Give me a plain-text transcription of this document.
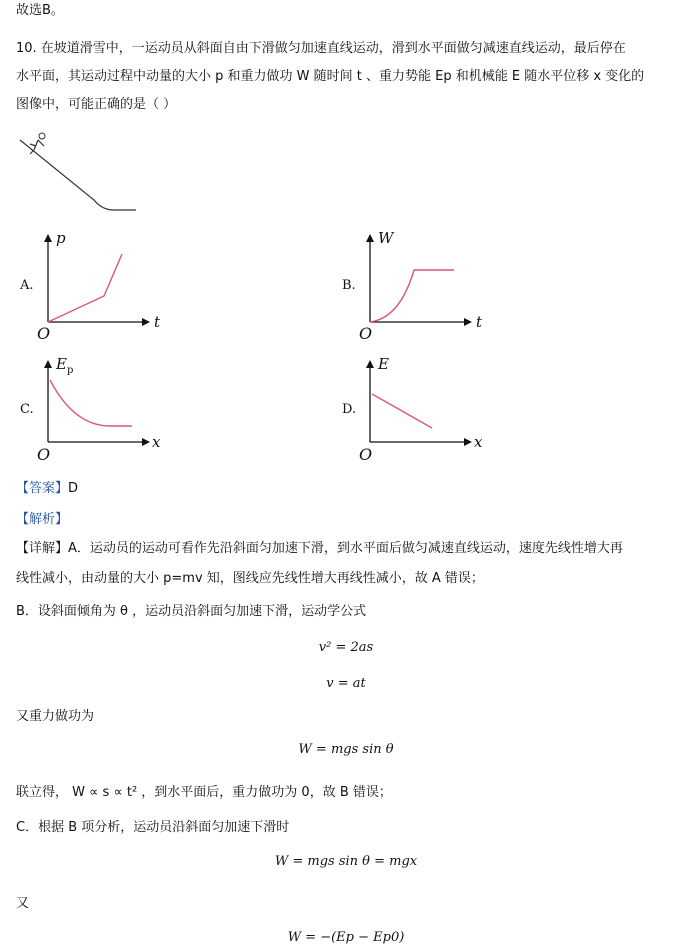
故选B。
10. 在坡道滑雪中，一运动员从斜面自由下滑做匀加速直线运动，滑到水平面做匀减速直线运动，最后停在
水平面，其运动过程中动量的大小 p 和重力做功 W 随时间 t 、重力势能 Ep 和机械能 E 随水平位移 x 变化的
图像中，可能正确的是（ ）
A.
p
t
O
B.
W
t
O
C.
$E_p$
x
O
D.
E
x
O
【答案】D
【解析】
【详解】A．运动员的运动可看作先沿斜面匀加速下滑，到水平面后做匀减速直线运动，速度先线性增大再
线性减小，由动量的大小 p=mv 知，图线应先线性增大再线性减小，故 A 错误；
B．设斜面倾角为 θ ，运动员沿斜面匀加速下滑，运动学公式
v² = 2as
v = at
又重力做功为
W = mgs sin θ
联立得， W ∝ s ∝ t² ，到水平面后，重力做功为 0，故 B 错误；
C．根据 B 项分析，运动员沿斜面匀加速下滑时
W = mgs sin θ = mgx
又
W = −(Ep − Ep0)
